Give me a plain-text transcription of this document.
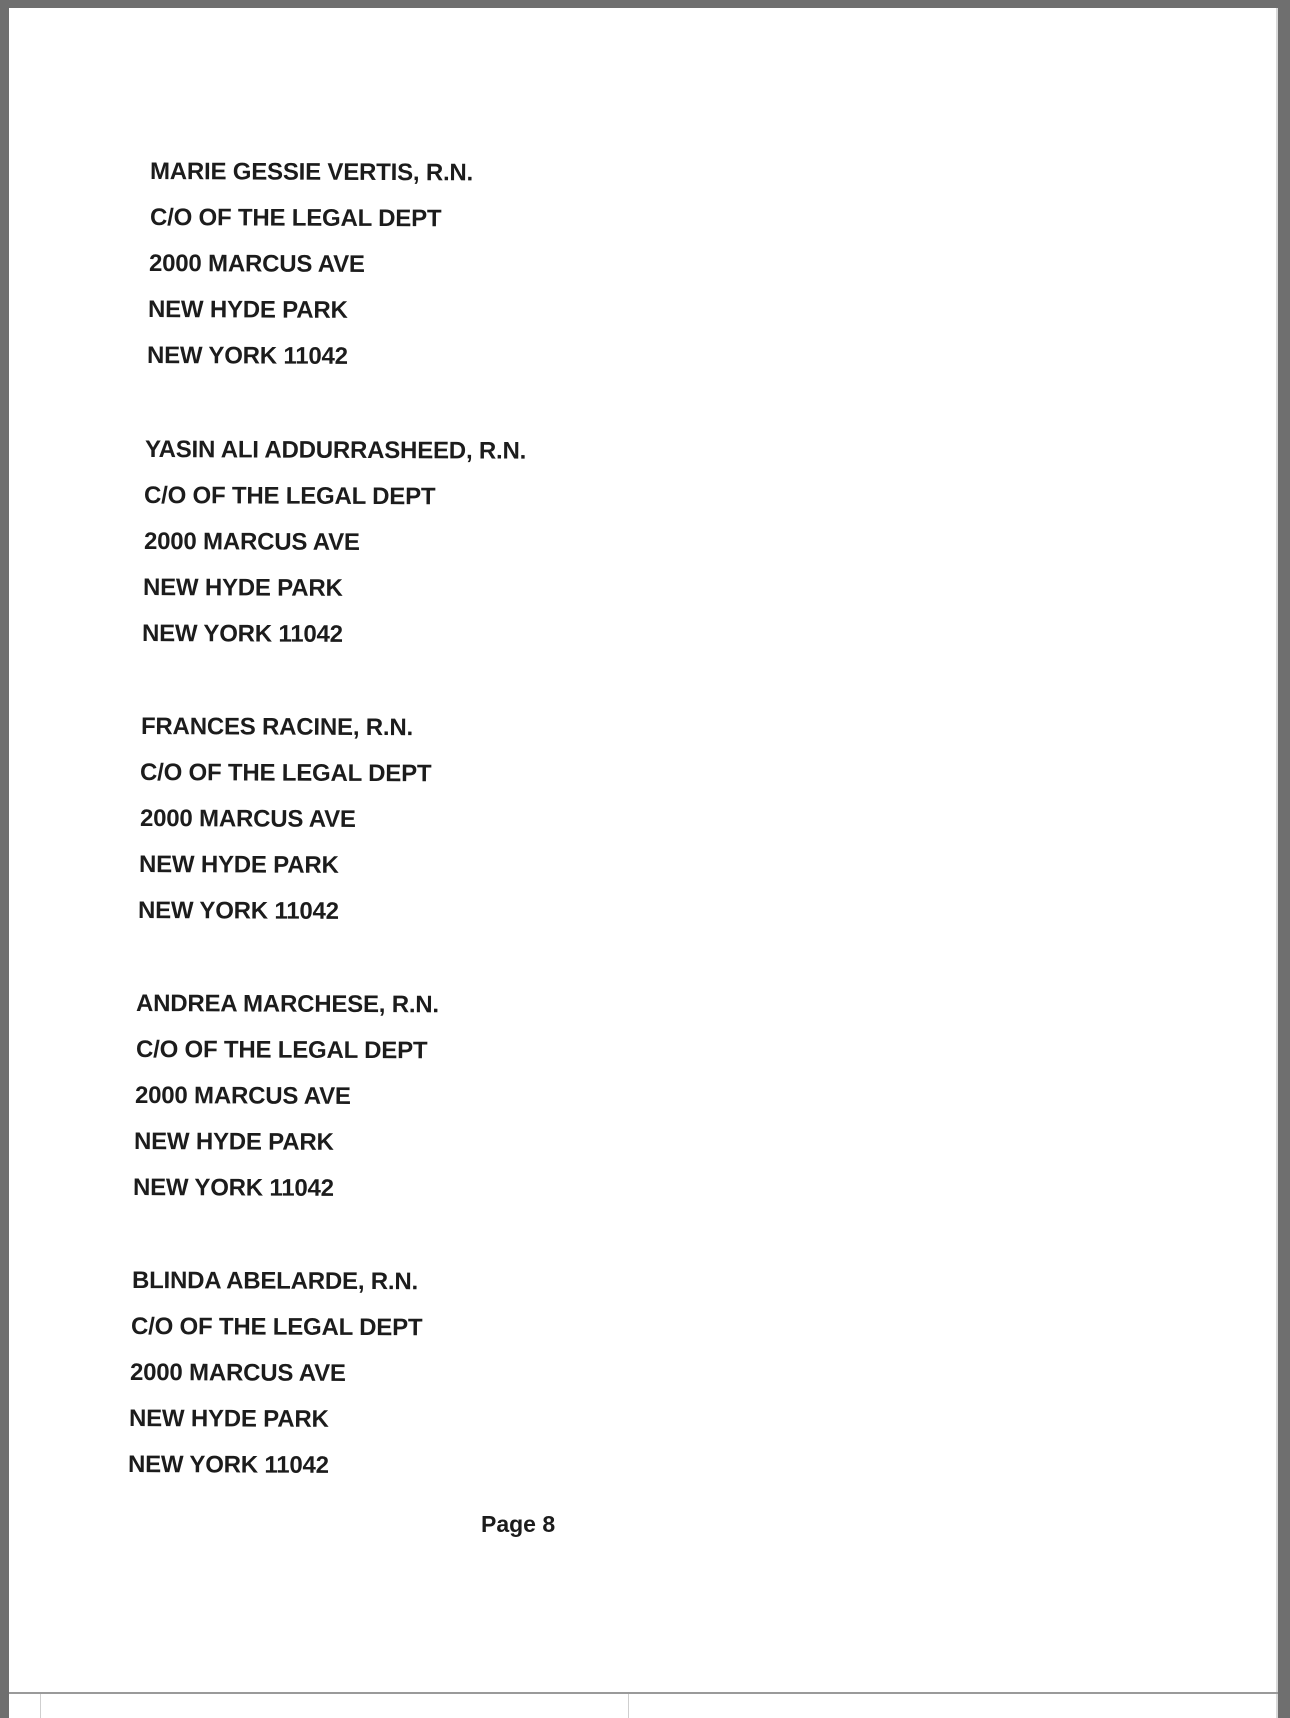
MARIE GESSIE VERTIS, R.N.

C/O OF THE LEGAL DEPT

2000 MARCUS AVE

NEW HYDE PARK

NEW YORK 11042

YASIN ALI ADDURRASHEED, R.N.

C/O OF THE LEGAL DEPT

2000 MARCUS AVE

NEW HYDE PARK

NEW YORK 11042

FRANCES RACINE, R.N.

C/O OF THE LEGAL DEPT

2000 MARCUS AVE

NEW HYDE PARK

NEW YORK 11042

ANDREA MARCHESE, R.N.

C/O OF THE LEGAL DEPT

2000 MARCUS AVE

NEW HYDE PARK

NEW YORK 11042

BLINDA ABELARDE, R.N.

C/O OF THE LEGAL DEPT

2000 MARCUS AVE

NEW HYDE PARK

NEW YORK 11042

Page 8
